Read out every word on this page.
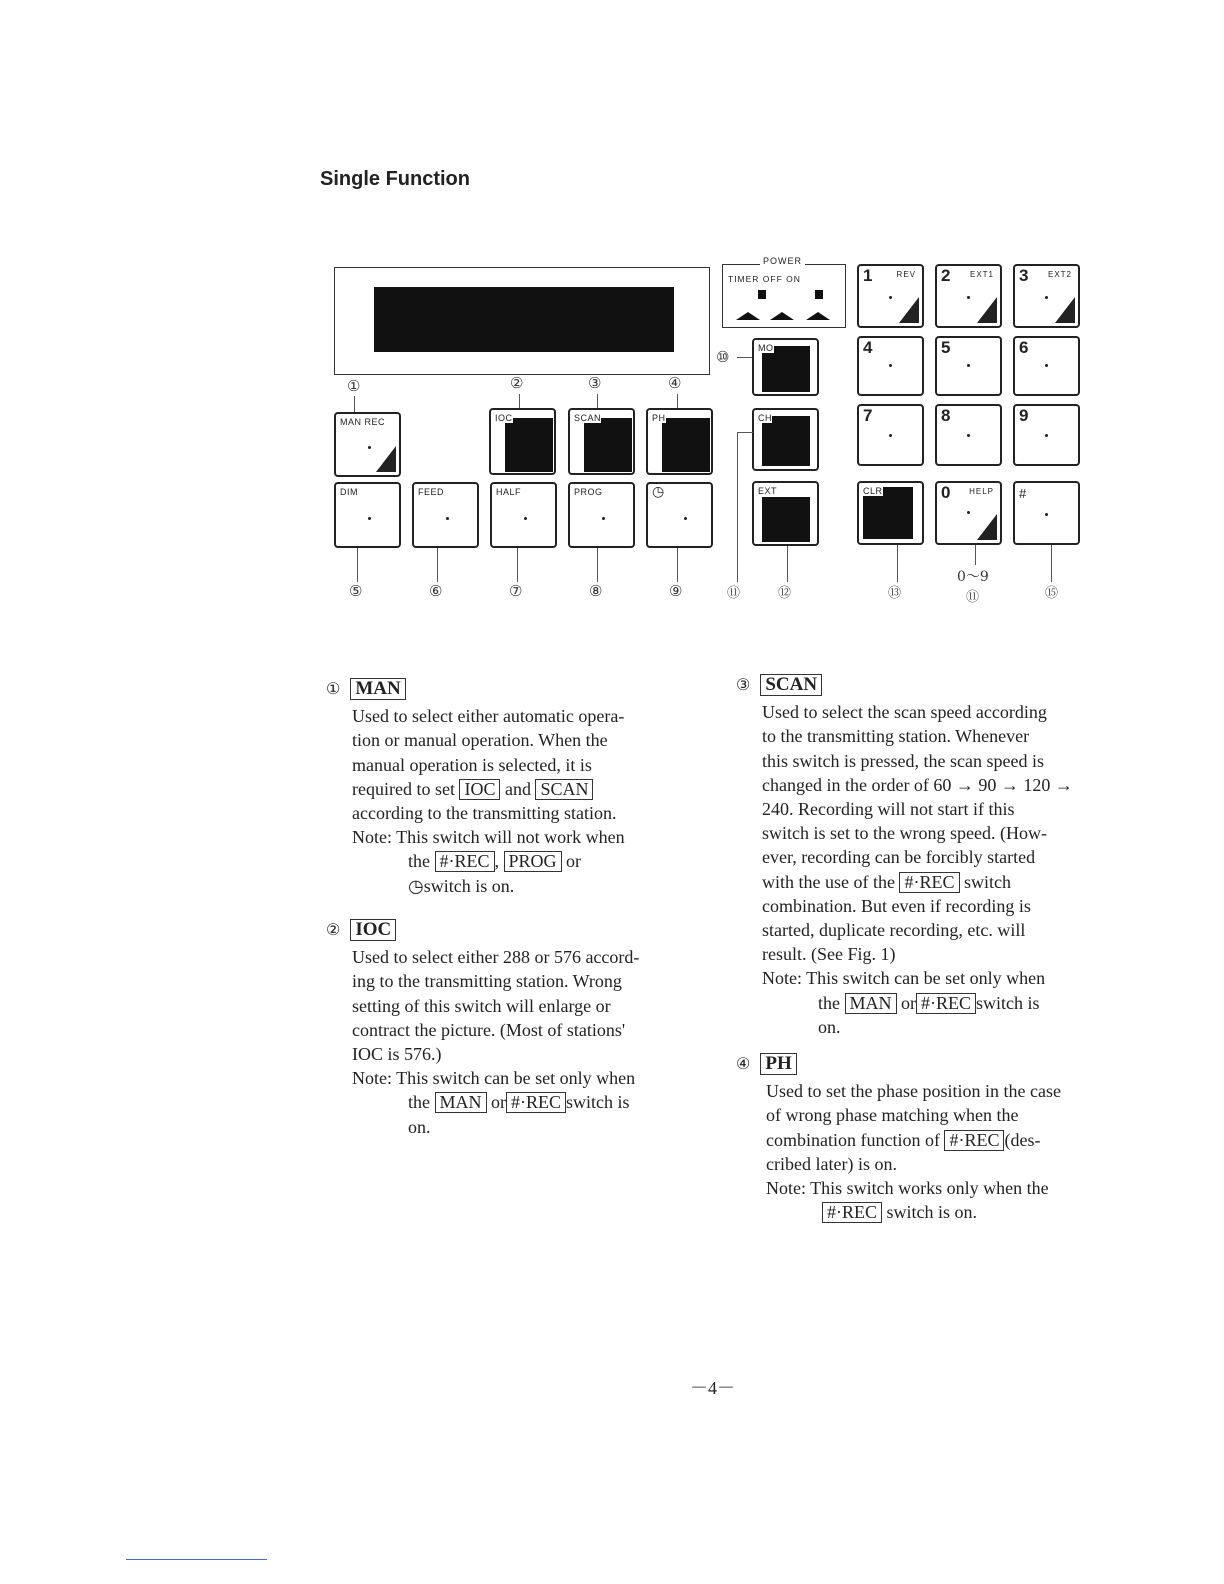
Single Function
POWER
TIMER OFF ON
①	②	③	④
MAN REC	IOC	SCAN	PH
DIM	FEED	HALF	PROG	◷
⑩	MO
CH
EXT
1	REV 2 EXT1 3 EXT2
4	5	6
7	8	9
CLR	0 HELP #
⑤	⑥	⑦	⑧	⑨	⑪	⑫	⑬
0～9
⑪	⑮
① MAN
Used to select either automatic opera-
tion or manual operation. When the
manual operation is selected, it is
required to set IOC and SCAN
according to the transmitting station.
Note: This switch will not work when
the #·REC , PROG or
◷switch is on.
② IOC
Used to select either 288 or 576 accord-
ing to the transmitting station. Wrong
setting of this switch will enlarge or
contract the picture. (Most of stations'
IOC is 576.)
Note: This switch can be set only when
the MAN or #·REC switch is
on.
③ SCAN
Used to select the scan speed according
to the transmitting station. Whenever
this switch is pressed, the scan speed is
changed in the order of 60 → 90 → 120 →
240. Recording will not start if this
switch is set to the wrong speed. (How-
ever, recording can be forcibly started
with the use of the #·REC switch
combination. But even if recording is
started, duplicate recording, etc. will
result. (See Fig. 1)
Note: This switch can be set only when
the MAN or #·REC switch is
on.
④ PH
Used to set the phase position in the case
of wrong phase matching when the
combination function of #·REC (des-
cribed later) is on.
Note: This switch works only when the
#·REC switch is on.
－4－
